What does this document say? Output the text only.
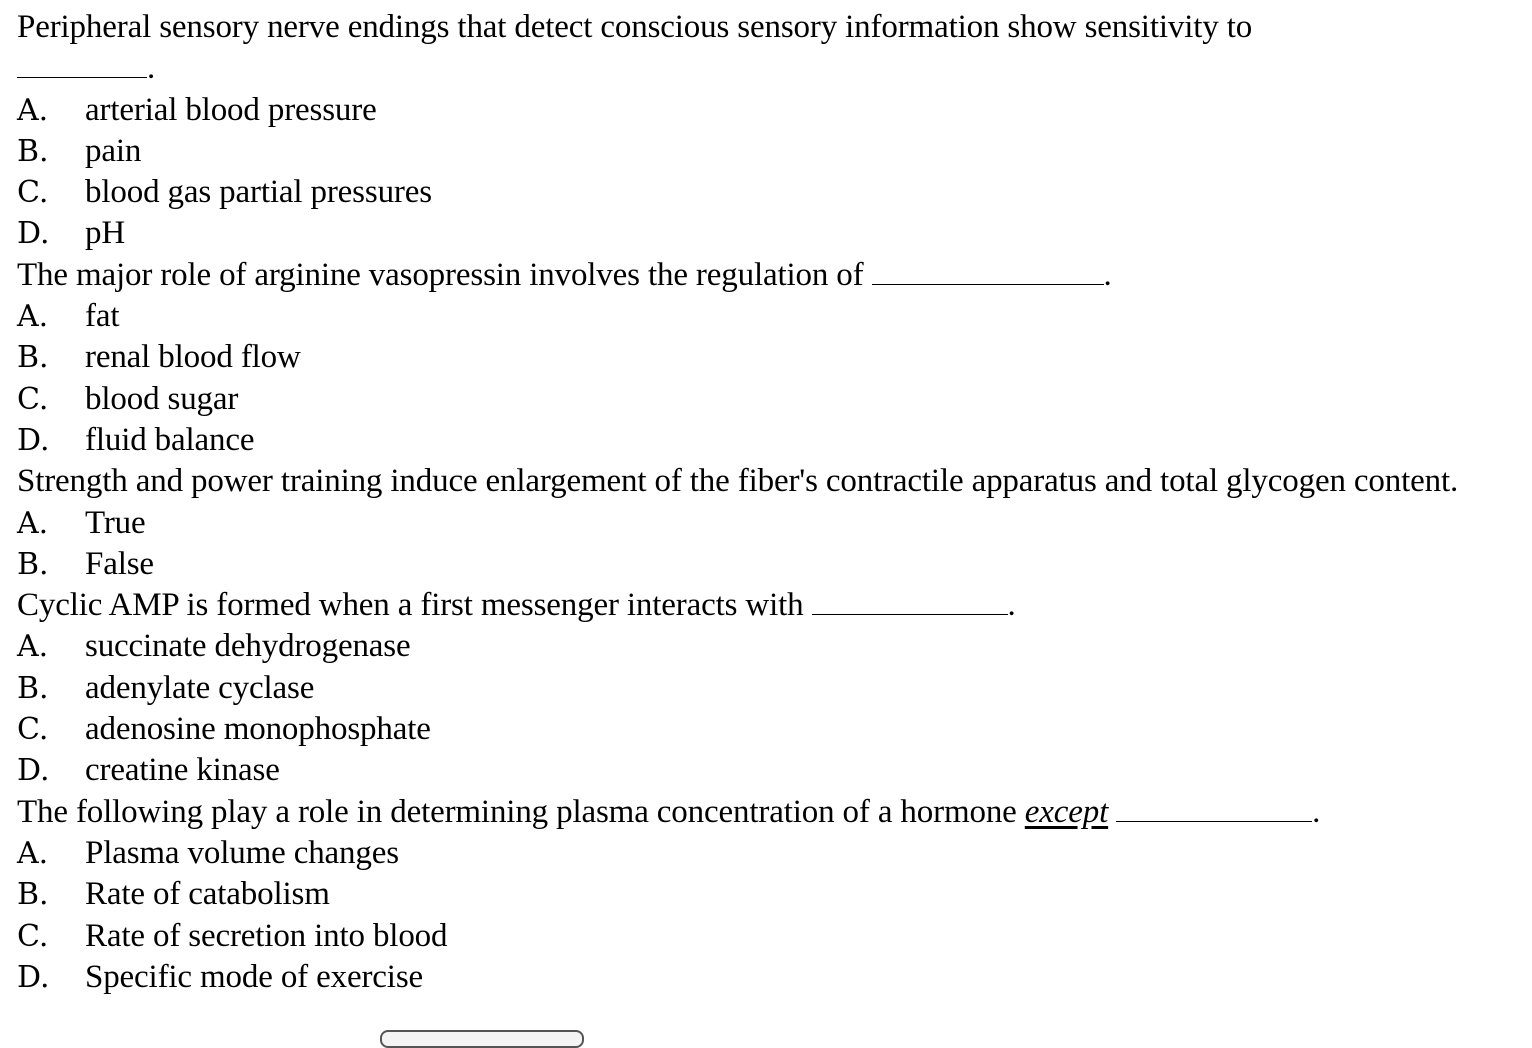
Peripheral sensory nerve endings that detect conscious sensory information show sensitivity to

.

A.	arterial blood pressure
B.	pain
C.	blood gas partial pressures
D.	pH

The major role of arginine vasopressin involves the regulation of	.

A.	fat
B.	renal blood flow
C.	blood sugar
D.	fluid balance

Strength and power training induce enlargement of the fiber's contractile apparatus and total glycogen content.

A.	True
B.	False

Cyclic AMP is formed when a first messenger interacts with	.

A.	succinate dehydrogenase
B.	adenylate cyclase
C.	adenosine monophosphate
D.	creatine kinase

The following play a role in determining plasma concentration of a hormone except	.

A.	Plasma volume changes
B.	Rate of catabolism
C.	Rate of secretion into blood
D.	Specific mode of exercise
